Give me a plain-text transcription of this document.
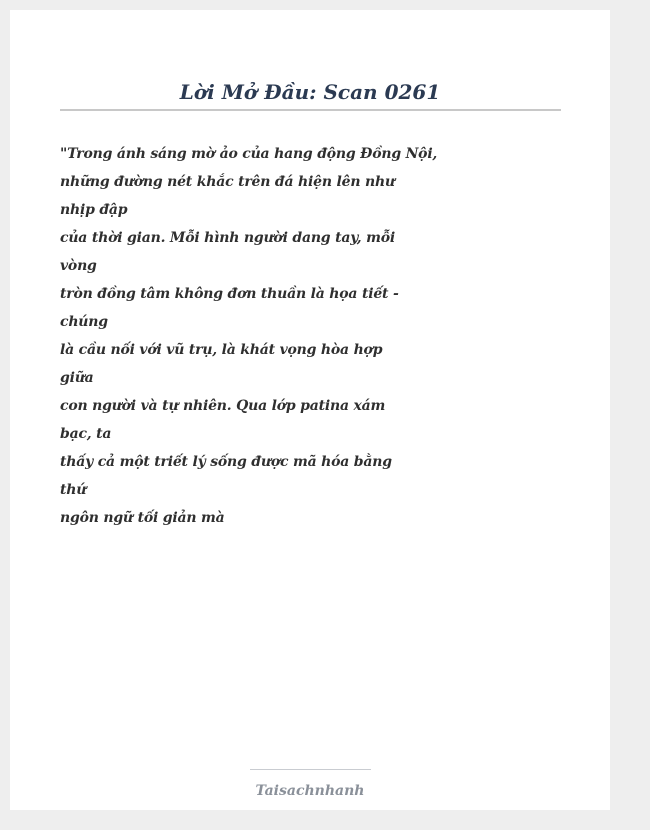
Lời Mở Đầu: Scan 0261
"Trong ánh sáng mờ ảo của hang động Đồng Nội,
những đường nét khắc trên đá hiện lên như
nhịp đập
của thời gian. Mỗi hình người dang tay, mỗi
vòng
tròn đồng tâm không đơn thuần là họa tiết -
chúng
là cầu nối với vũ trụ, là khát vọng hòa hợp
giữa
con người và tự nhiên. Qua lớp patina xám
bạc, ta
thấy cả một triết lý sống được mã hóa bằng
thứ
ngôn ngữ tối giản mà
Taisachnhanh
